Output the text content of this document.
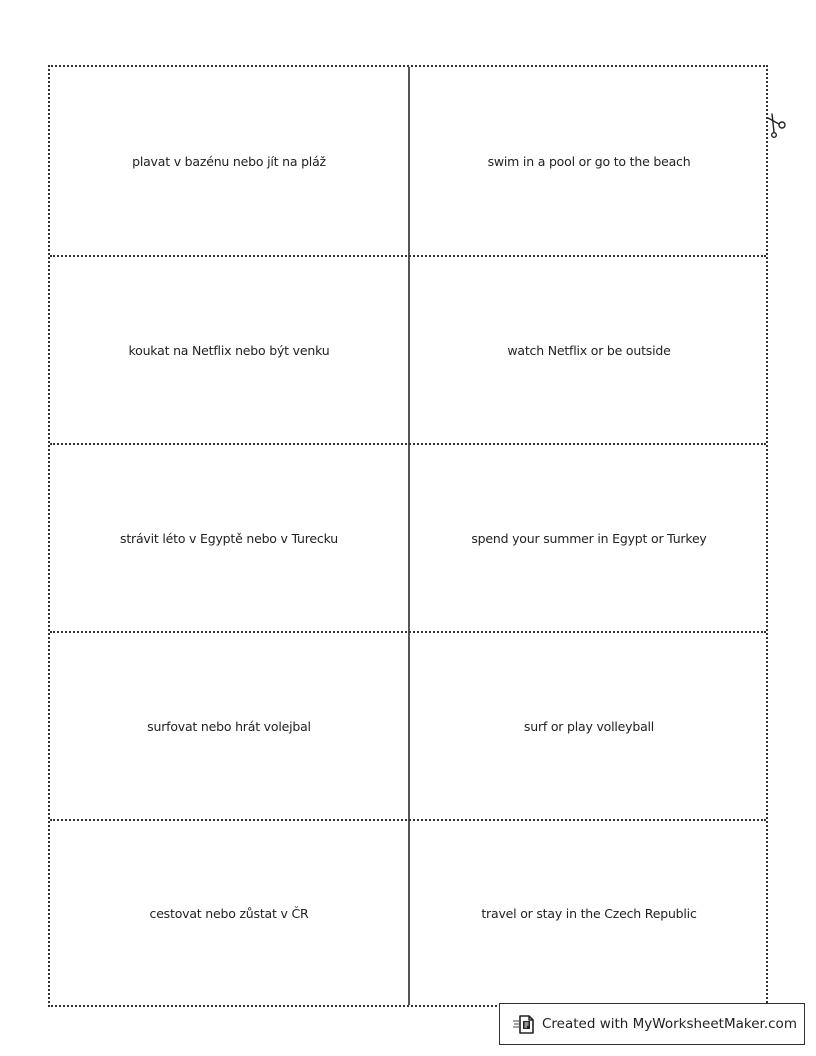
plavat v bazénu nebo jít na pláž	swim in a pool or go to the beach
koukat na Netflix nebo být venku	watch Netflix or be outside
strávit léto v Egyptě nebo v Turecku	spend your summer in Egypt or Turkey
surfovat nebo hrát volejbal	surf or play volleyball
cestovat nebo zůstat v ČR	travel or stay in the Czech Republic
Created with MyWorksheetMaker.com
